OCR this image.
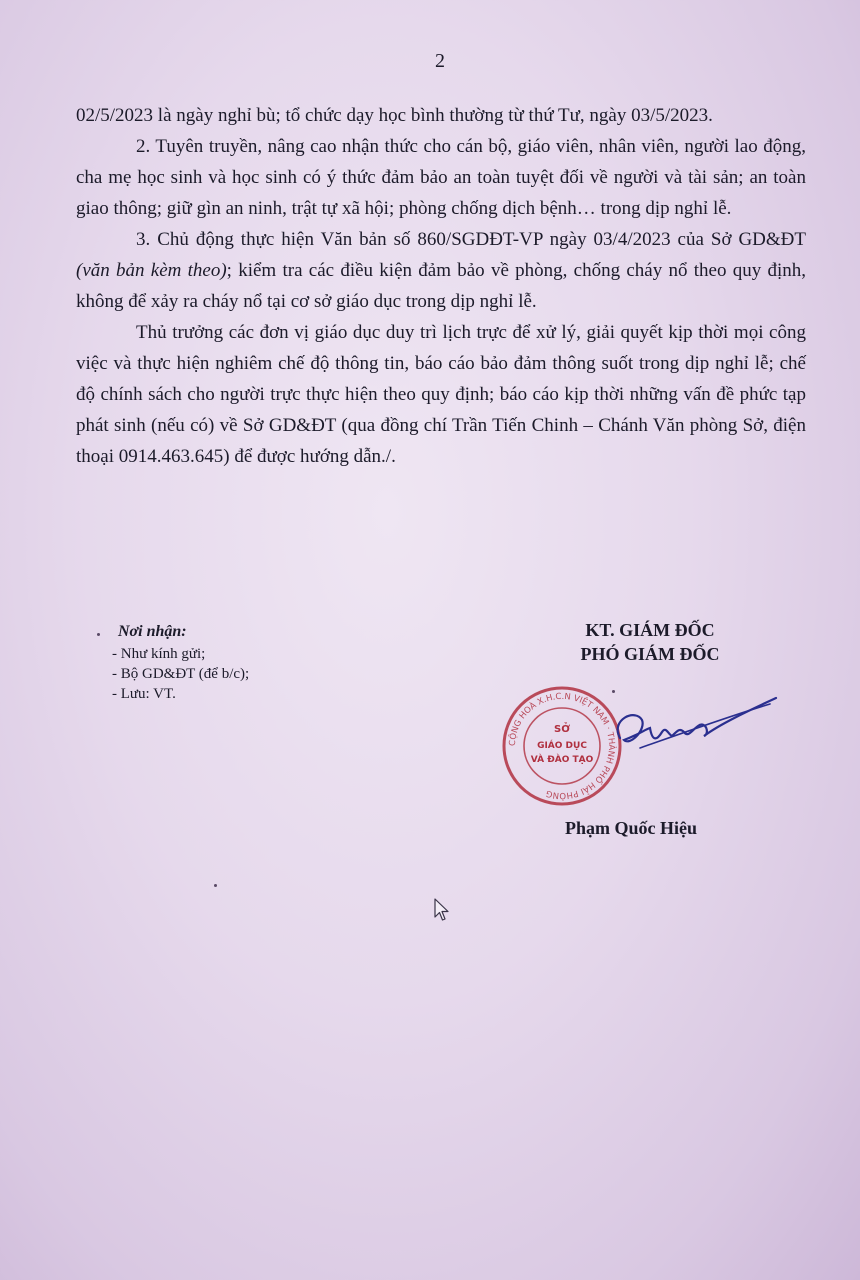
2

02/5/2023 là ngày nghỉ bù; tổ chức dạy học bình thường từ thứ Tư, ngày 03/5/2023.

2. Tuyên truyền, nâng cao nhận thức cho cán bộ, giáo viên, nhân viên, người lao động, cha mẹ học sinh và học sinh có ý thức đảm bảo an toàn tuyệt đối về người và tài sản; an toàn giao thông; giữ gìn an ninh, trật tự xã hội; phòng chống dịch bệnh… trong dịp nghỉ lễ.

3. Chủ động thực hiện Văn bản số 860/SGDĐT-VP ngày 03/4/2023 của Sở GD&ĐT (văn bản kèm theo); kiểm tra các điều kiện đảm bảo về phòng, chống cháy nổ theo quy định, không để xảy ra cháy nổ tại cơ sở giáo dục trong dịp nghỉ lễ.

Thủ trưởng các đơn vị giáo dục duy trì lịch trực để xử lý, giải quyết kịp thời mọi công việc và thực hiện nghiêm chế độ thông tin, báo cáo bảo đảm thông suốt trong dịp nghỉ lễ; chế độ chính sách cho người trực thực hiện theo quy định; báo cáo kịp thời những vấn đề phức tạp phát sinh (nếu có) về Sở GD&ĐT (qua đồng chí Trần Tiến Chinh – Chánh Văn phòng Sở, điện thoại 0914.463.645) để được hướng dẫn./.

Nơi nhận:
- Như kính gửi;
- Bộ GD&ĐT (để b/c);
- Lưu: VT.
KT. GIÁM ĐỐC
PHÓ GIÁM ĐỐC
CỘNG HOÀ X.H.C.N VIỆT NAM · THÀNH PHỐ HẢI PHÒNG
SỞ
GIÁO DỤC
VÀ ĐÀO TẠO
Phạm Quốc Hiệu
